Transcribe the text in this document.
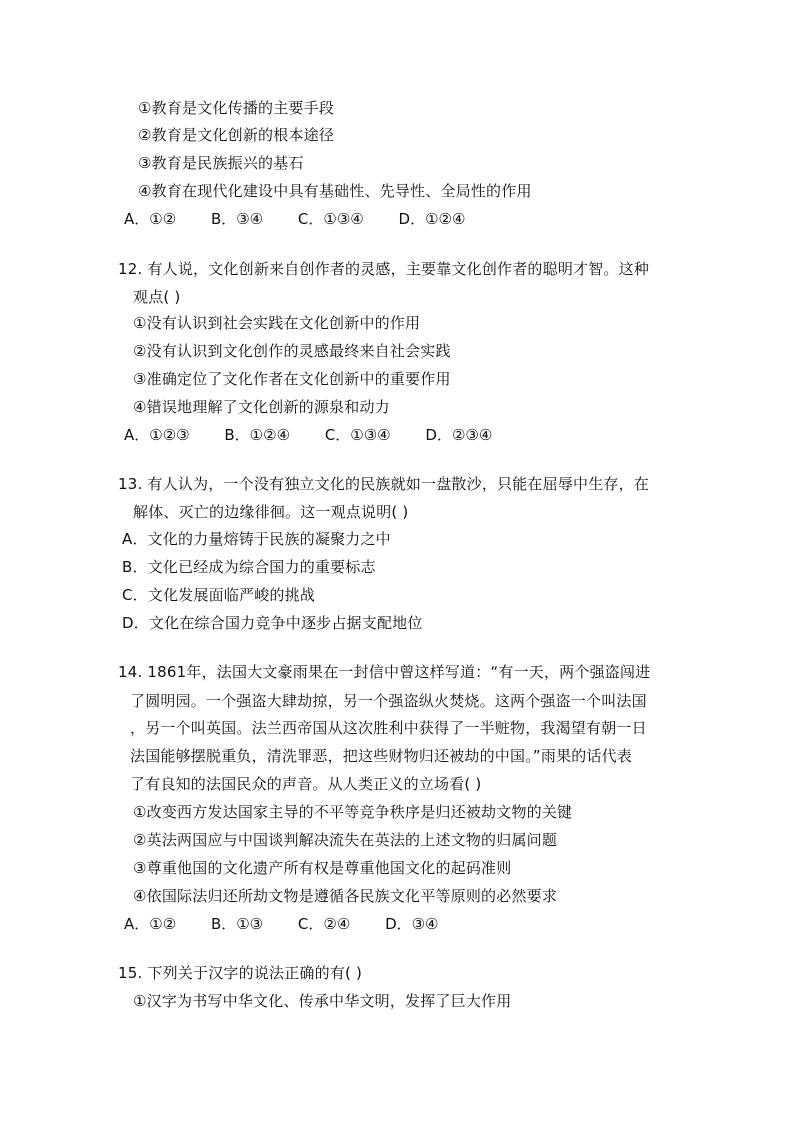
①教育是文化传播的主要手段
②教育是文化创新的根本途径
③教育是民族振兴的基石
④教育在现代化建设中具有基础性、先导性、全局性的作用
A．①② B．③④ C．①③④ D．①②④
12. 有人说，文化创新来自创作者的灵感，主要靠文化创作者的聪明才智。这种
观点( )
①没有认识到社会实践在文化创新中的作用
②没有认识到文化创作的灵感最终来自社会实践
③准确定位了文化作者在文化创新中的重要作用
④错误地理解了文化创新的源泉和动力
A．①②③ B．①②④ C．①③④ D．②③④
13. 有人认为，一个没有独立文化的民族就如一盘散沙，只能在屈辱中生存，在
解体、灭亡的边缘徘徊。这一观点说明( )
A．文化的力量熔铸于民族的凝聚力之中
B．文化已经成为综合国力的重要标志
C．文化发展面临严峻的挑战
D．文化在综合国力竞争中逐步占据支配地位
14. 1861年，法国大文豪雨果在一封信中曾这样写道：“有一天，两个强盗闯进
了圆明园。一个强盗大肆劫掠，另一个强盗纵火焚烧。这两个强盗一个叫法国
，另一个叫英国。法兰西帝国从这次胜利中获得了一半赃物，我渴望有朝一日
法国能够摆脱重负，清洗罪恶，把这些财物归还被劫的中国。”雨果的话代表
了有良知的法国民众的声音。从人类正义的立场看( )
①改变西方发达国家主导的不平等竞争秩序是归还被劫文物的关键
②英法两国应与中国谈判解决流失在英法的上述文物的归属问题
③尊重他国的文化遗产所有权是尊重他国文化的起码准则
④依国际法归还所劫文物是遵循各民族文化平等原则的必然要求
A．①② B．①③ C．②④ D．③④
15. 下列关于汉字的说法正确的有( )
①汉字为书写中华文化、传承中华文明，发挥了巨大作用
